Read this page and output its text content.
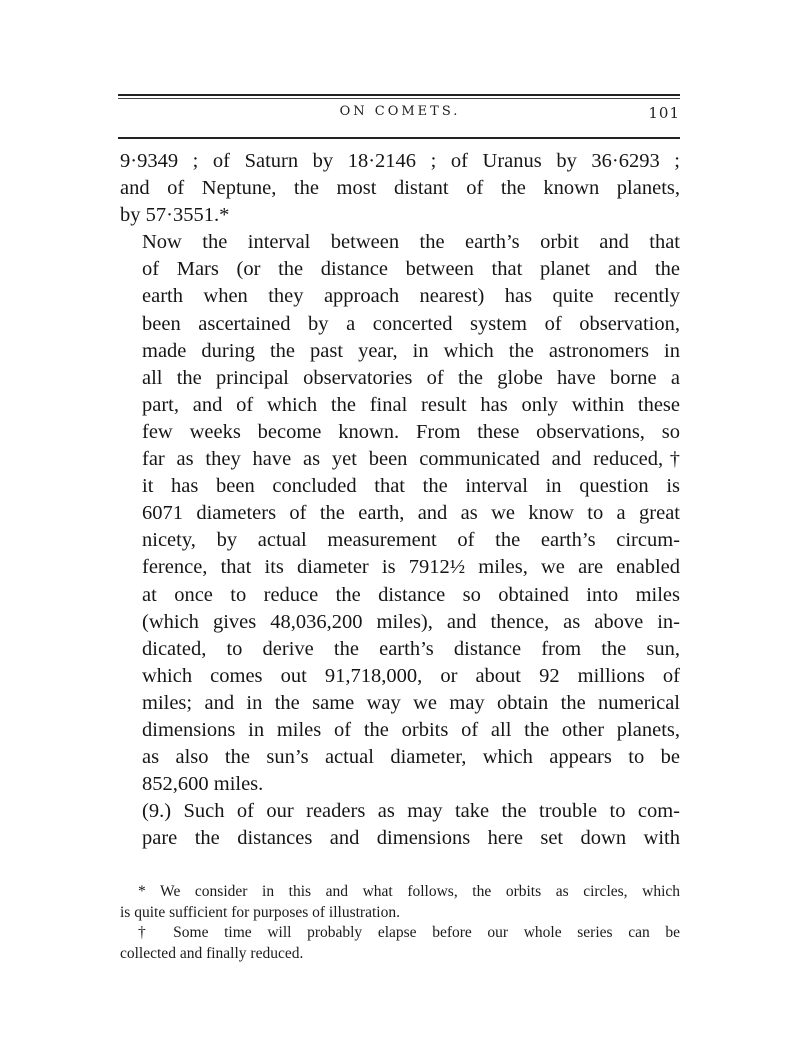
ON COMETS.	101

9·9349 ; of Saturn by 18·2146 ; of Uranus by 36·6293 ;
and of Neptune, the most distant of the known planets,
by 57·3551.*

Now the interval between the earth’s orbit and that
of Mars (or the distance between that planet and the
earth when they approach nearest) has quite recently
been ascertained by a concerted system of observation,
made during the past year, in which the astronomers in
all the principal observatories of the globe have borne a
part, and of which the final result has only within these
few weeks become known. From these observations, so
far as they have as yet been communicated and reduced,†
it has been concluded that the interval in question is
6071 diameters of the earth, and as we know to a great
nicety, by actual measurement of the earth’s circum-
ference, that its diameter is 7912½ miles, we are enabled
at once to reduce the distance so obtained into miles
(which gives 48,036,200 miles), and thence, as above in-
dicated, to derive the earth’s distance from the sun,
which comes out 91,718,000, or about 92 millions of
miles; and in the same way we may obtain the numerical
dimensions in miles of the orbits of all the other planets,
as also the sun’s actual diameter, which appears to be
852,600 miles.

(9.) Such of our readers as may take the trouble to com-
pare the distances and dimensions here set down with

* We consider in this and what follows, the orbits as circles, which
is quite sufficient for purposes of illustration.

† Some time will probably elapse before our whole series can be
collected and finally reduced.
